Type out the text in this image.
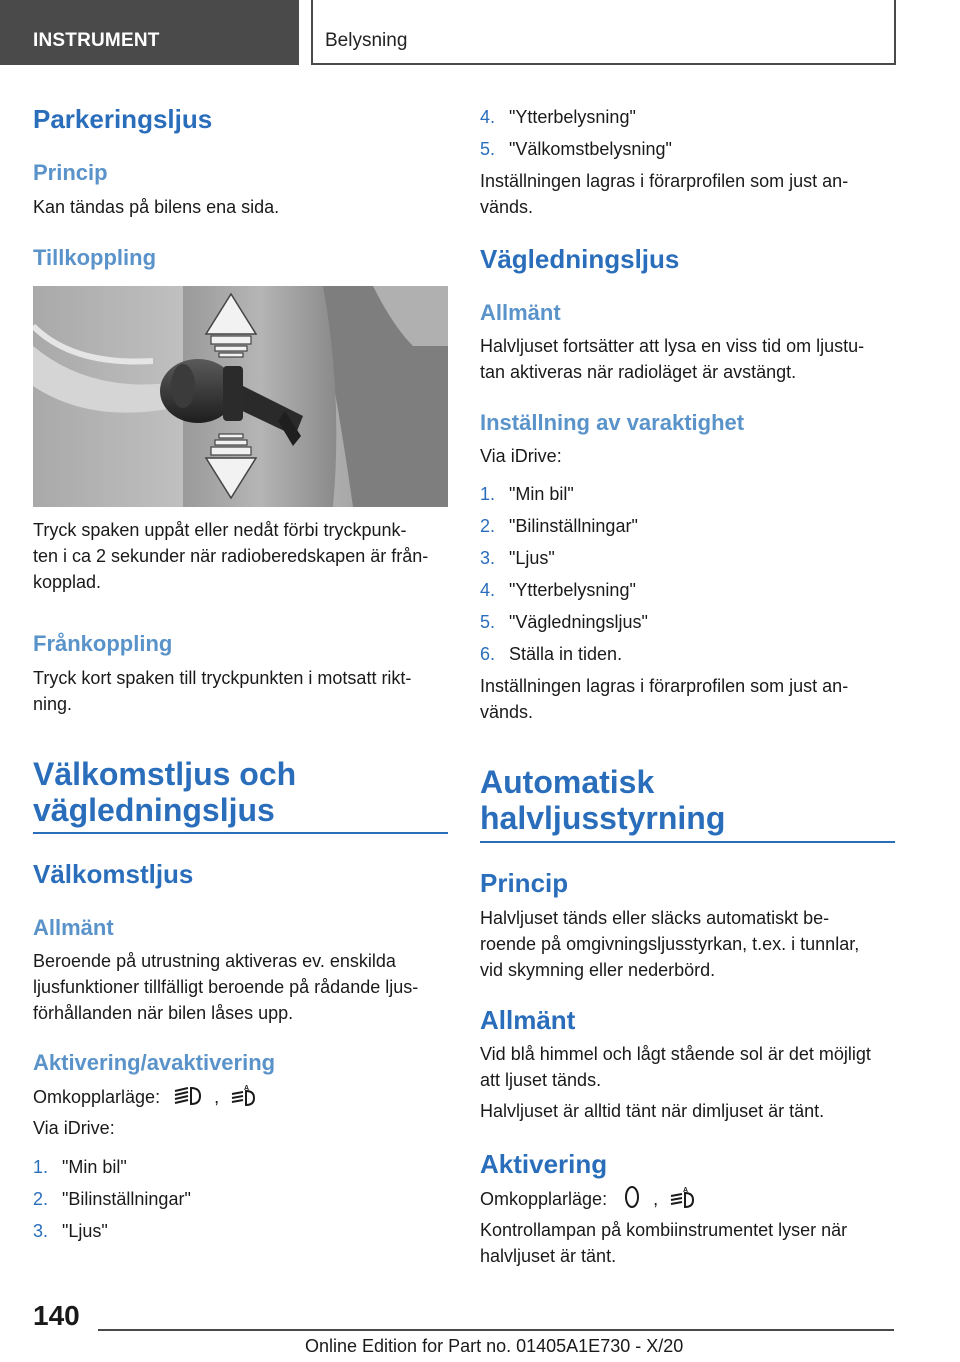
INSTRUMENT	Belysning
Parkeringsljus
Princip
Kan tändas på bilens ena sida.
Tillkoppling
Tryck spaken uppåt eller nedåt förbi tryckpunk-
ten i ca 2 sekunder när radioberedskapen är från-
kopplad.
Frånkoppling
Tryck kort spaken till tryckpunkten i motsatt rikt-
ning.
Välkomstljus och
vägledningsljus
Välkomstljus
Allmänt
Beroende på utrustning aktiveras ev. enskilda
ljusfunktioner tillfälligt beroende på rådande ljus-
förhållanden när bilen låses upp.
Aktivering/avaktivering
Omkopplarläge:	,	A
Via iDrive:
1. "Min bil"
2. "Bilinställningar"
3. "Ljus"
4. "Ytterbelysning"
5. "Välkomstbelysning"
Inställningen lagras i förarprofilen som just an-
vänds.
Vägledningsljus
Allmänt
Halvljuset fortsätter att lysa en viss tid om ljustu-
tan aktiveras när radioläget är avstängt.
Inställning av varaktighet
Via iDrive:
1. "Min bil"
2. "Bilinställningar"
3. "Ljus"
4. "Ytterbelysning"
5. "Vägledningsljus"
6. Ställa in tiden.
Inställningen lagras i förarprofilen som just an-
vänds.
Automatisk
halvljusstyrning
Princip
Halvljuset tänds eller släcks automatiskt be-
roende på omgivningsljusstyrkan, t.ex. i tunnlar,
vid skymning eller nederbörd.
Allmänt
Vid blå himmel och lågt stående sol är det möjligt
att ljuset tänds.
Halvljuset är alltid tänt när dimljuset är tänt.
Aktivering
Omkopplarläge:	,	A
Kontrollampan på kombiinstrumentet lyser när
halvljuset är tänt.
140
Online Edition for Part no. 01405A1E730 - X/20
